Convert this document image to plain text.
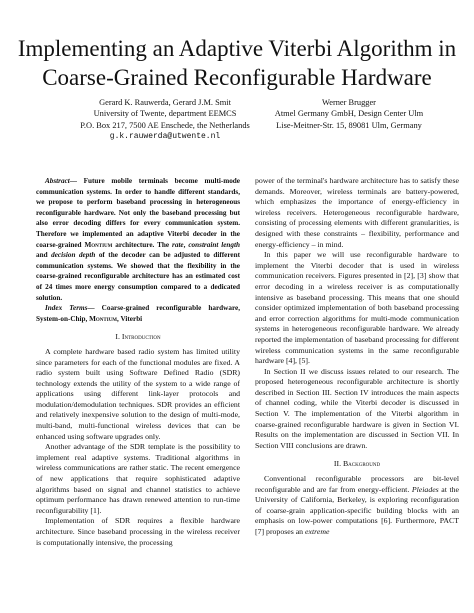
Implementing an Adaptive Viterbi Algorithm in
Coarse-Grained Reconfigurable Hardware
Gerard K. Rauwerda, Gerard J.M. Smit
University of Twente, department EEMCS
P.O. Box 217, 7500 AE Enschede, the Netherlands
g.k.rauwerda@utwente.nl
Werner Brugger
Atmel Germany GmbH, Design Center Ulm
Lise-Meitner-Str. 15, 89081 Ulm, Germany

Abstract— Future mobile terminals become multi-mode communication systems. In order to handle different standards, we propose to perform baseband processing in heterogeneous reconfigurable hardware. Not only the baseband processing but also error decoding differs for every communication system. Therefore we implemented an adaptive Viterbi decoder in the coarse-grained Montium architecture. The rate, constraint length and decision depth of the decoder can be adjusted to different communication systems. We showed that the flexibility in the coarse-grained reconfigurable architecture has an estimated cost of 24 times more energy consumption compared to a dedicated solution.

Index Terms— Coarse-grained reconfigurable hardware, System-on-Chip, Montium, Viterbi

I. Introduction

A complete hardware based radio system has limited utility since parameters for each of the functional modules are fixed. A radio system built using Software Defined Radio (SDR) technology extends the utility of the system to a wide range of applications using different link-layer protocols and modulation/demodulation techniques. SDR provides an efficient and relatively inexpensive solution to the design of multi-mode, multi-band, multi-functional wireless devices that can be enhanced using software upgrades only.

Another advantage of the SDR template is the possibility to implement real adaptive systems. Traditional algorithms in wireless communications are rather static. The recent emergence of new applications that require sophisticated adaptive algorithms based on signal and channel statistics to achieve optimum performance has drawn renewed attention to run-time reconfigurability [1].

Implementation of SDR requires a flexible hardware architecture. Since baseband processing in the wireless receiver is computationally intensive, the processing

power of the terminal's hardware architecture has to satisfy these demands. Moreover, wireless terminals are battery-powered, which emphasizes the importance of energy-efficiency in wireless receivers. Heterogeneous reconfigurable hardware, consisting of processing elements with different granularities, is designed with these constraints – flexibility, performance and energy-efficiency – in mind.

In this paper we will use reconfigurable hardware to implement the Viterbi decoder that is used in wireless communication receivers. Figures presented in [2], [3] show that error decoding in a wireless receiver is as computationally intensive as baseband processing. This means that one should consider optimized implementation of both baseband processing and error correction algorithms for multi-mode communication systems in heterogeneous reconfigurable hardware. We already reported the implementation of baseband processing for different wireless communication systems in the same reconfigurable hardware [4], [5].

In Section II we discuss issues related to our research. The proposed heterogeneous reconfigurable architecture is shortly described in Section III. Section IV introduces the main aspects of channel coding, while the Viterbi decoder is discussed in Section V. The implementation of the Viterbi algorithm in coarse-grained reconfigurable hardware is given in Section VI. Results on the implementation are discussed in Section VII. In Section VIII conclusions are drawn.

II. Background

Conventional reconfigurable processors are bit-level reconfigurable and are far from energy-efficient. Pleiades at the University of California, Berkeley, is exploring reconfiguration of coarse-grain application-specific building blocks with an emphasis on low-power computations [6]. Furthermore, PACT [7] proposes an extreme
